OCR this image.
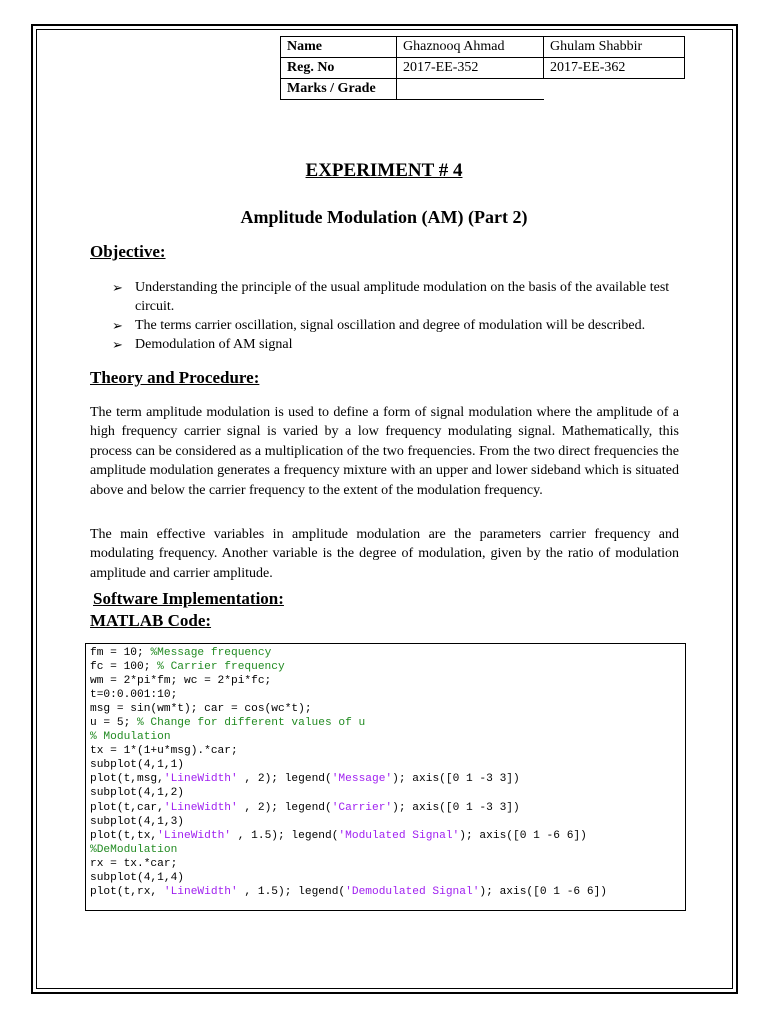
Name	Ghaznooq Ahmad	Ghulam Shabbir
Reg. No	2017-EE-352	2017-EE-362
Marks / Grade		
EXPERIMENT # 4
Amplitude Modulation (AM) (Part 2)
Objective:
➢ Understanding the principle of the usual amplitude modulation on the basis of the available test circuit.
➢ The terms carrier oscillation, signal oscillation and degree of modulation will be described.
➢ Demodulation of AM signal
Theory and Procedure:

The term amplitude modulation is used to define a form of signal modulation where the amplitude of a high frequency carrier signal is varied by a low frequency modulating signal. Mathematically, this process can be considered as a multiplication of the two frequencies. From the two direct frequencies the amplitude modulation generates a frequency mixture with an upper and lower sideband which is situated above and below the carrier frequency to the extent of the modulation frequency.

The main effective variables in amplitude modulation are the parameters carrier frequency and modulating frequency. Another variable is the degree of modulation, given by the ratio of modulation amplitude and carrier amplitude.

Software Implementation:
MATLAB Code:
fm = 10; %Message frequency
fc = 100; % Carrier frequency
wm = 2*pi*fm; wc = 2*pi*fc;
t=0:0.001:10;
msg = sin(wm*t); car = cos(wc*t);
u = 5; % Change for different values of u
% Modulation
tx = 1*(1+u*msg).*car;
subplot(4,1,1)
plot(t,msg,'LineWidth' , 2); legend('Message'); axis([0 1 -3 3])
subplot(4,1,2)
plot(t,car,'LineWidth' , 2); legend('Carrier'); axis([0 1 -3 3])
subplot(4,1,3)
plot(t,tx,'LineWidth' , 1.5); legend('Modulated Signal'); axis([0 1 -6 6])
%DeModulation
rx = tx.*car;
subplot(4,1,4)
plot(t,rx, 'LineWidth' , 1.5); legend('Demodulated Signal'); axis([0 1 -6 6])
